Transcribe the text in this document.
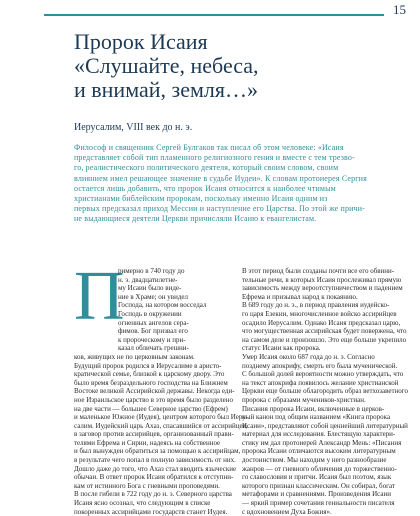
15
Пророк Исаия
«Слушайте, небеса,
и внимай, земля…»
Иерусалим, VIII век до н. э.
Философ и священник Сергей Булгаков так писал об этом человеке: «Исаия
представляет собой тип пламенного религиозного гения и вместе с тем трезво-
го, реалистического политического деятеля, который своим словом, своим
влиянием имел решающее значение в судьбе Иудеи». К словам протоиерея Сергия
остается лишь добавить, что пророк Исаия относится к наиболее чтимым
христианами библейским пророкам, поскольку именно Исаия одним из
первых предсказал приход Мессии и наступление его Царства. По этой же причи-
не выдающиеся деятели Церкви причисляли Исаию к евангелистам.
П
римерно в 740 году до
н. э. двадцатилетне-
му Исаии было виде-
ние в Храме; он увидел
Господа, на котором восседал
Господь в окружении
огненных ангелов сера-
фимов. Бог призвал его
к пророческому и при-
казал обличать грешни-
ков, живущих не по церковным законам.
Будущий пророк родился в Иерусалиме в аристо-
кратической семье, близкой к царскому двору. Это
было время безраздельного господства на Ближнем
Востоке великой Ассирийской державы. Некогда еди-
ное Израильское царство в это время было разделено
на две части — большее Северное царство (Ефрем)
и маленькое Южное (Иудея), центром которого был Иеру-
салим. Иудейский царь Ахаз, спасавшийся от ассирийцев,
в заговор против ассирийцев, организованный прави-
телями Ефрема и Сирии, надеясь на собственное
и был вынужден обратиться за помощью к ассирийцам,
в результате чего попал в полную зависимость от них.
Дошло даже до того, что Ахаз стал вводить языческие
обычаи. В ответ пророк Исаия обратился к отступни-
кам от истинного Бога с гневными проповедями.
В после гибели в 722 году до н. э. Северного царства
Исаия ясно осознал, что следующим в списке
покоренных ассирийцами государств станет Иудея.
В этот период были созданы почти все его обвини-
тельные речи, в которых Исаия прослеживал прямую
зависимость между вероотступничеством и падением
Ефрема и призывал народ к покаянию.
В 689 году до н. э., в период правления иудейско-
го царя Езекии, многочисленное войско ассирийцев
осадило Иерусалим. Однако Исаия предсказал царю,
что могущественная ассирийская будет повержена, что
на самом деле и произошло. Это еще больше укрепило
статус Исаии как пророка.
Умер Исаия около 687 года до н. э. Согласно
позднему апокрифу, смерть его была мученической.
С большой долей вероятности можно утверждать, что
на текст апокрифа появилось желание христианской
Церкви еще больше облагородить образ ветхозаветного
пророка с образами мучеников-христиан.
Писания пророка Исаии, включенные в церков-
ный канон под общим названием «Книга пророка
Исаии», представляют собой ценнейший литературный
материал для исследования. Блестящую характери-
стику им дал протоиерей Александр Мень: «Писания
пророка Исаии отличаются высоким литературным
достоинством. Мы находим у него разнообразие
жанров — от гневного обличения до торжественно-
го славословия и притчи. Исаия был поэтом, язык
которого признан классическим. Он собирал, богат
метафорами и сравнениями. Произведения Исаии
— яркий пример сочетания гениальности писателя
с вдохновением Духа Божия».
